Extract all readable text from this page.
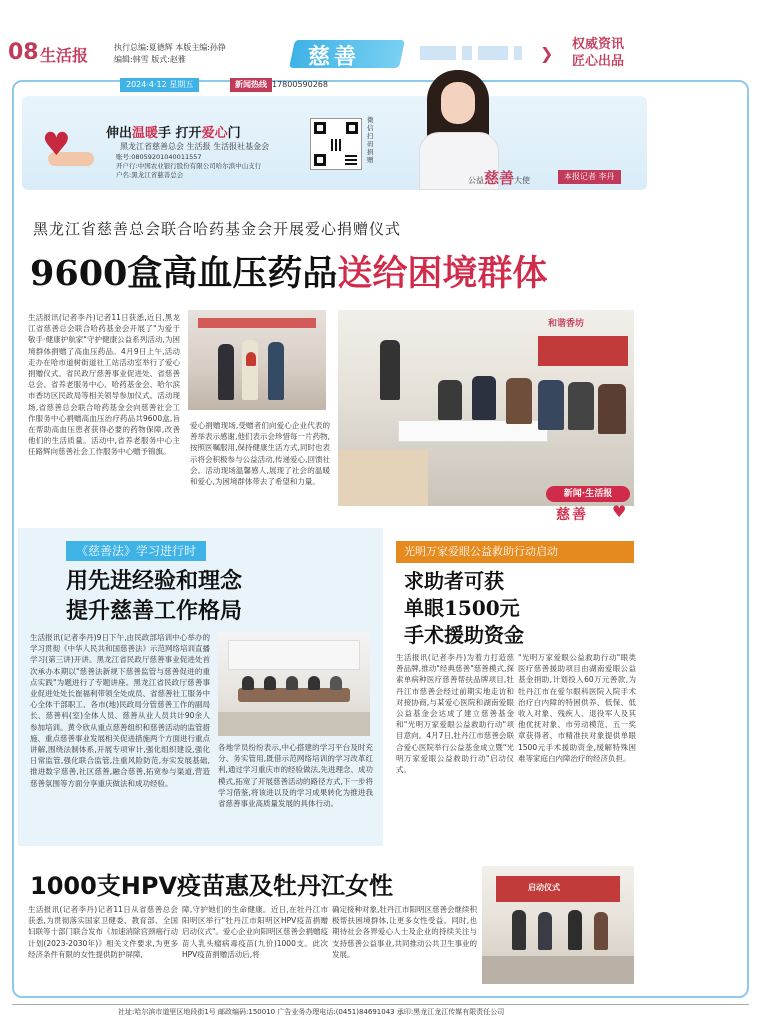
08 生活报	执行总编:夏德辉 本版主编:孙铮
编辑:韩雪 版式:赵雅	慈善	❯ 权威资讯
匠心出品
2024·4·12 星期五	新闻热线 17800590268
♥	伸出温暖手 打开爱心门
黑龙江省慈善总会 生活报 生活报社基金会
账号:08059201040011557
开户行:中国农业银行股份有限公司哈尔滨中山支行
户名:黑龙江省慈善总会
微信扫码捐赠
公益慈善大使	本报记者 李丹
黑龙江省慈善总会联合哈药基金会开展爱心捐赠仪式
9600盒高血压药品送给困境群体
生活报讯(记者李丹)记者11日获悉,近日,黑龙江省慈善总会联合哈药基金会开展了"为爱于敬手·健康护航家"守护健康公益系列活动,为困境群体捐赠了高血压药品。4月9日上午,活动走办在哈市道树街道社工站活动室举行了爱心捐赠仪式。省民政厅慈善事业促进处、省慈善总会、省养老服务中心、哈药基金会、哈尔滨市香坊区民政局等相关领导参加仪式。活动现场,省慈善总会联合哈药基金会向慈善社会工作服务中心捐赠高血压治疗药品共9600盒,旨在帮助高血压患者获得必要的药物保障,改善他们的生活质量。活动中,省养老服务中心主任路辉向慈善社会工作服务中心赠予锦旗。
和谐香坊
爱心捐赠现场,受赠者们向爱心企业代表的善举表示感谢,他们表示会珍惜每一片药物,按照医嘱服用,保持健康生活方式,同时也表示将会积极参与公益活动,传递爱心,回馈社会。活动现场温馨感人,展现了社会的温暖和爱心,为困境群体带去了希望和力量。
新闻·生活报
慈善 ♥
《慈善法》学习进行时
用先进经验和理念
提升慈善工作格局
生活报讯(记者李丹)9日下午,由民政部培训中心举办的学习贯彻《中华人民共和国慈善法》示范网络培训直播学习(第三讲)开讲。黑龙江省民政厅慈善事业促进处首次承办本期以"慈善法新规下慈善监管与慈善促进的重点实践"为题进行了专题讲座。黑龙江省民政厅慈善事业促进处处长崔福利带领全处成员、省慈善社工服务中心全体干部职工、各市(地)民政局分管慈善工作的副局长、慈善科(室)全体人员、慈善从业人员共计90余人参加培训。黄令欣从重点慈善组织和慈善活动的监管措施、重点慈善事业发展相关促进措施两个方面进行重点讲解,围绕法制体系,开展专项审计,强化组织建设,强化日常监管,强化联合监管,注重风险防范,夯实发展基础,推进数字慈善,社区慈善,融合慈善,拓宽参与渠道,营造慈善氛围等方面分享重庆做法和成功经验。
各地学员纷纷表示,中心搭建的学习平台及时充分、务实管用,既借示范网络培训的学习改革红利,通过学习重庆市的经验做法,先进理念、成功模式,拓宽了开展慈善活动的路径方式,下一步将学习借鉴,将该进以及的学习成果转化为推进我省慈善事业高质量发展的具体行动。
光明万家爱眼公益救助行动启动
求助者可获
单眼1500元
手术援助资金
生活报讯(记者李丹)为着力打造慈善品牌,推动"经典慈善"慈善模式,探索单病种医疗慈善帮扶品牌项目,牡丹江市慈善会经过前期实地走访和对接协商,与某爱心医院和湖南爱眼公益基金会达成了建立慈善基金和"光明万家爱眼公益救助行动"项目意向。4月7日,牡丹江市慈善会联合爱心医院举行公益基金成立暨"光明万家爱眼公益救助行动"启动仪式。
"光明万家爱眼公益救助行动"眼类医疗慈善援助项目由湖南爱眼公益基金捐助,计划投入60万元善款,为牡丹江市在爱尔眼科医院入院手术治疗白内障的特困供养、低保、低收入对象、残疾人、退役军人及其他优抚对象、市劳动模范、五一奖章获得者、市精准扶对象提供单眼1500元手术援助资金,缓解特殊困难等家庭白内障治疗的经济负担。
1000支HPV疫苗惠及牡丹江女性
生活报讯(记者李丹)记者11日从省慈善总会获悉,为贯彻落实国家卫健委、教育部、全国妇联等十部门联合发布《加速消除宫颈癌行动计划(2023-2030年)》相关文件要求,为更多经济条件有限的女性提供防护屏障,
障,守护她们的生命健康。近日,在牡丹江市阳明区举行"牡丹江市阳明区HPV疫苗捐赠启动仪式"。爱心企业向阳明区慈善会捐赠疫苗人乳头瘤病毒疫苗(九价)1000支。此次HPV疫苗捐赠活动后,将
确定接种对象,牡丹江市阳明区慈善会继续积极帮扶困境群体,让更多女性受益。同时,也期待社会各界爱心人士及企业的持续关注与支持慈善公益事业,共同推动公共卫生事业的发展。
启动仪式
社址:哈尔滨市道里区地段街1号 邮政编码:150010 广告业务办理电话:(0451)84691043 承印:黑龙江龙江传媒有限责任公司
